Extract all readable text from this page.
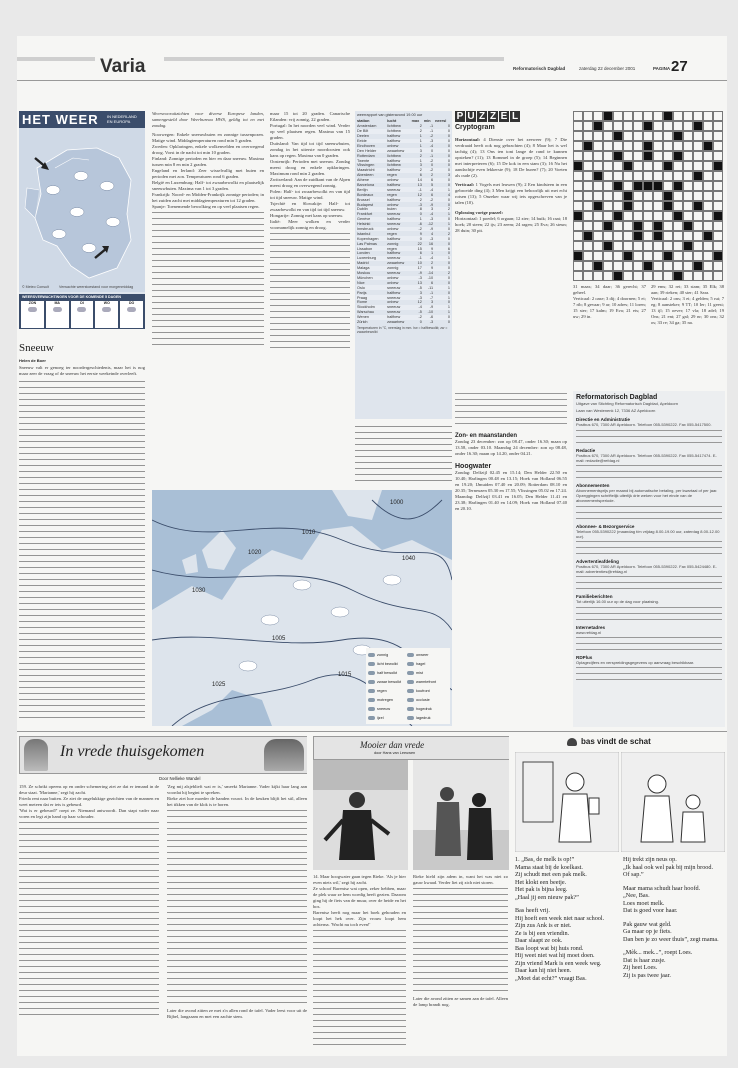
Varia	Reformatorisch Dagblad	zaterdag 22 december 2001	PAGINA 27
HET WEER IN NEDERLAND
EN EUROPA
© Meteo Consult	Verwachte weerstoestand voor morgenmiddag
WEERSVERWACHTINGEN VOOR DE KOMENDE 5 DAGEN
ZON	MA	DI	WO	DO
Sneeuw
Helen de Boer
Sneeuw valt er genoeg ter noordergeschiedenis, maar het is nog maar zeer de vraag of de sneeuw het eerste weekeinde overleeft.
Weersvooruitzichten voor diverse Europese landen, samengesteld door Weerbureau HWS, geldig tot en met zondag.
Noorwegen: Enkele sneeuwbuien en zonnige tussenpozen. Matige wind. Middagtemperaturen rond min 5 graden.
Zweden: Opklaringen, enkele wolkenvelden en overwegend droog. Vorst in de nacht tot min 10 graden.
Finland: Zonnige perioden en hier en daar sneeuw. Maxima tussen min 8 en min 2 graden.
Engeland en Ierland: Zeer wisselvallig met buien en perioden met zon. Temperaturen rond 6 graden.
België en Luxemburg: Half- tot zwaarbewolkt en plaatselijk sneeuwbuien. Maxima van 1 tot 3 graden.
Frankrijk: Noord- en Midden-Frankrijk zonnige perioden; in het zuiden zacht met middagtemperaturen tot 12 graden.
Spanje: Toenemende bewolking en op veel plaatsen regen.
maar 15 tot 20 graden. Canarische Eilanden: vrij zonnig, 22 graden.
Portugal: In het noorden veel wind. Verder op veel plaatsen regen. Maxima van 15 graden.
Duitsland: Van tijd tot tijd sneeuwbuien, zondag in het uiterste noordoosten ook kans op regen. Maxima van 0 graden.
Oostenrijk: Perioden met sneeuw. Zondag meest droog en enkele opklaringen. Maximum rond min 2 graden.
Zwitserland: Aan de zuidkant van de Alpen meest droog en overwegend zonnig.
Polen: Half- tot zwaarbewolkt en van tijd tot tijd sneeuw. Matige wind.
Tsjechië en Slowakije: Half- tot zwaarbewolkt en van tijd tot tijd sneeuw.
Hongarije: Zonnig met kans op sneeuw.
Italië: Meer wolken en verder voornamelijk zonnig en droog.
weerrapport van gisteravond 19.00 uur
station	lucht	max	min	neersl
Amsterdam	lichtbew	2	-1	0
De Bilt	lichtbew	2	-1	0
Deelen	halfbew	1	-2	0
Eelde	halfbew	1	-3	0
Eindhoven	onbew	1	-4	0
Den Helder	zwaarbew	3	0	0
Rotterdam	lichtbew	2	-1	0
Twente	halfbew	1	-2	0
Vlissingen	lichtbew	3	0	0
Maastricht	halfbew	2	-2	0
Aberdeen	regen	6	2	3
Athene	onbew	14	6	0
Barcelona	halfbew	13	5	0
Berlijn	sneeuw	-1	-4	1
Bordeaux	regen	12	6	4
Brussel	halfbew	2	-2	0
Budapest	onbew	-3	-9	0
Dublin	buien	8	3	2
Frankfurt	sneeuw	0	-4	1
Genève	halfbew	1	-3	0
Helsinki	sneeuw	-6	-12	1
Innsbruck	onbew	-2	-9	0
Istanbul	regen	9	4	2
Kopenhagen	halfbew	0	-3	0
Las Palmas	zonnig	22	16	0
Lissabon	regen	15	9	6
Londen	halfbew	6	1	0
Luxemburg	sneeuw	-1	-4	1
Madrid	zwaarbew	10	2	0
Malaga	zonnig	17	9	0
Moskou	sneeuw	-9	-14	2
München	onbew	-3	-10	0
Nice	onbew	13	6	0
Oslo	sneeuw	-5	-11	1
Parijs	halfbew	3	-1	0
Praag	sneeuw	-3	-7	1
Rome	onbew	12	3	0
Stockholm	sneeuw	-4	-9	1
Warschau	sneeuw	-5	-10	1
Wenen	halfbew	-2	-6	0
Zürich	zwaarbew	0	-3	0
Temperaturen in °C, neerslag in mm. hw = halfbewolkt; zw = zwaarbewolkt
1000
1010
1020
1030
1040
1005
1015
1025
zonnig	onweer
licht bewolkt	hagel
half bewolkt	mist
zwaar bewolkt	warmtefront
regen	koufront
motregen	occlusie
sneeuw	hogedruk
ijzel	lagedruk
P U Z Z E L
Cryptogram
Horizontaal: 4 Dienste over het zeeweer (9); 7 Die verdraaid heeft ook nog gebrachten (4); 8 Maar het is wel tachtig (4); 13 Ons ten toni lange de rand te kunnen opsteken? (11); 13 Rommel in de groep (5); 14 Beginnen met interpreteren (6); 15 De kok in een stam (3); 16 Nu het aandachtje even lekkerste (9); 18 De buren? (7); 20 Voeten als oude (2).
Verticaal: 1 Vogels met leuwen (9); 2 Een kindsteen in een gebroeide ding (4); 3 Men krijgt een behoorlijk uit met echt rotsen (13); 5 Onzeker waar wij iets opgeschreven van je talen (10).
Oplossing vorige puzzel:
Horizontaal: 1 poedel; 6 orgaan; 12 zier; 14 buik; 16 raat; 18 hoek; 20 steen; 22 ijs; 23 zeem; 24 ragen; 25 Eva; 26 steun; 28 duin; 30 pit.
31 maas; 34 daar; 36 gerecht; 37 geheel.
Verticaal: 2 oase; 3 dij; 4 doornen; 5 ei; 7 rib; 8 gevaar; 9 ar; 10 adres; 11 loren; 15 ster; 17 kalm; 19 Eva; 21 ets; 27 uw; 29 in.
29 ems; 32 rei; 33 stam; 35 Elk; 38 aan; 39 rieken; 40 ster; 41 Sara.
Verticaal: 2 ons; 3 ei; 4 gelden; 5 rui; 7 eg; 8 aansteker; 9 TT; 10 Ier; 11 geest; 13 ijl; 15 oever; 17 vla; 18 adel; 19 Ons; 21 ent; 27 gal; 29 nr; 30 ons; 32 os; 33 re; 34 ga; 35 na.
Zon- en maanstanden
Zondag 23 december: zon op 08.47, onder 16.30; maan op 13.58, onder 03.10. Maandag 24 december: zon op 08.48, onder 16.30; maan op 14.20, onder 04.21.
Hoogwater
Zondag: Delfzijl 02.45 en 15.14; Den Helder 22.50 en 10.40; Harlingen 00.48 en 13.15; Hoek van Holland 06.55 en 19.20; IJmuiden 07.40 en 20.09; Rotterdam 08.10 en 20.35; Terneuzen 05.30 en 17.55; Vlissingen 05.02 en 17.24. Maandag: Delfzijl 03.41 en 16.05; Den Helder 11.41 en 23.38; Harlingen 01.40 en 14.09; Hoek van Holland 07.40 en 20.10.
Reformatorisch Dagblad
Uitgave van Stichting Reformatorisch Dagblad, Apeldoorn
Laan van Westenenk 12, 7336 AZ Apeldoorn
Directie en Administratie
Postbus 670, 7300 AR Apeldoorn. Telefoon 055-5390222. Fax 055-5417500.
Redactie
Postbus 670, 7300 AR Apeldoorn. Telefoon 055-5390222. Fax 055-5417474. E-mail: redactie@refdag.nl
Abonnementen
Abonnementsprijs per maand bij automatische betaling, per kwartaal of per jaar. Opzeggingen schriftelijk uiterlijk drie weken voor het einde van de abonnementsperiode.
Abonnee- & Bezorgservice
Telefoon 055-5390222 (maandag t/m vrijdag 8.00-19.00 uur, zaterdag 8.00-12.00 uur).
Advertentieafdeling
Postbus 670, 7300 AR Apeldoorn. Telefoon 055-5390222. Fax 055-5424480. E-mail: advertenties@refdag.nl
Familieberichten
Tot uiterlijk 16.00 uur op de dag voor plaatsing.
Internetadres
www.refdag.nl
RDPlus
Oplagecijfers en verspreidingsgegevens op aanvraag beschikbaar.
In vrede thuisgekomen
Door Nellieke Wandel
159. Ze schrikt opeens op en onder schemering ziet ze dat er iemand in de deur staat. 'Marianne,' zegt hij zacht.
Frieda rent naar buiten. Ze ziet de ongelukkige gezichten van de mannen en weet meteen dat er iets is gebeurd.
'Wat is er gebeurd?' roept ze. Niemand antwoordt. Dan stapt vader naar voren en legt zijn hand op haar schouder.
'Zeg mij alsjeblieft wat er is,' smeekt Marianne. Vader kijkt haar lang aan voordat hij begint te spreken.
Rieke ziet hoe moeder de handen vouwt. In de keuken blijft het stil, alleen het tikken van de klok is te horen.
Later die avond zitten ze met z'n allen rond de tafel. Vader leest voor uit de Bijbel, langzaam en met een zachte stem.
Mooier dan vrede
door Hans van Leeuwen
14. Maar hoogwater gaan tegen Rieke. 'Als je hier even niets wil,' zegt hij zacht.
Ze schoof Barentsz wat open, zeker hebben, maar de plek waar ze hem woedig heeft gezien. Daarom ging hij de fiets van de muur, over de heide en het bos.
Barentsz heeft nog maar het boek gehouden en loopt het hek over. Zijn vrouw loopt hem achterna. 'Wacht nu toch even!'
Rieke hield zijn adem in, want het was niet zo gauw kwaad. Verder liet zij zich niet storen.
Later die avond zitten ze samen aan de tafel. Alleen de lamp brandt nog.
bas vindt de schat
1. „Bas, de melk is op!”
Mama staat bij de koelkast.
Zij schudt met een pak melk.
Het klokt een beetje.
Het pak is bijna leeg.
„Haal jij een nieuw pak?”
Bas heeft vrij.
Hij hoeft een week niet naar school.
Zijn zus Ank is er niet.
Ze is bij een vriendin.
Daar slaapt ze ook.
Bas loopt wat bij huis rond.
Hij weet niet wat hij moet doen.
Zijn vriend Mark is een week weg.
Daar kan hij niet heen.
„Moet dat echt?” vraagt Bas.
Hij trekt zijn neus op.
„Ik haal ook wel pak bij mijn brood.
Of sap.”
Maar mama schudt haar hoofd.
„Nee, Bas.
Loes moet melk.
Dat is goed voor haar.
Pak gauw wat geld.
Ga maar op je fiets.
Dan ben je zo weer thuis”, zegt mama.
„Mèk... mek...”, roept Loes.
Dat is haar zusje.
Zij heet Loes.
Zij is pas twee jaar.
